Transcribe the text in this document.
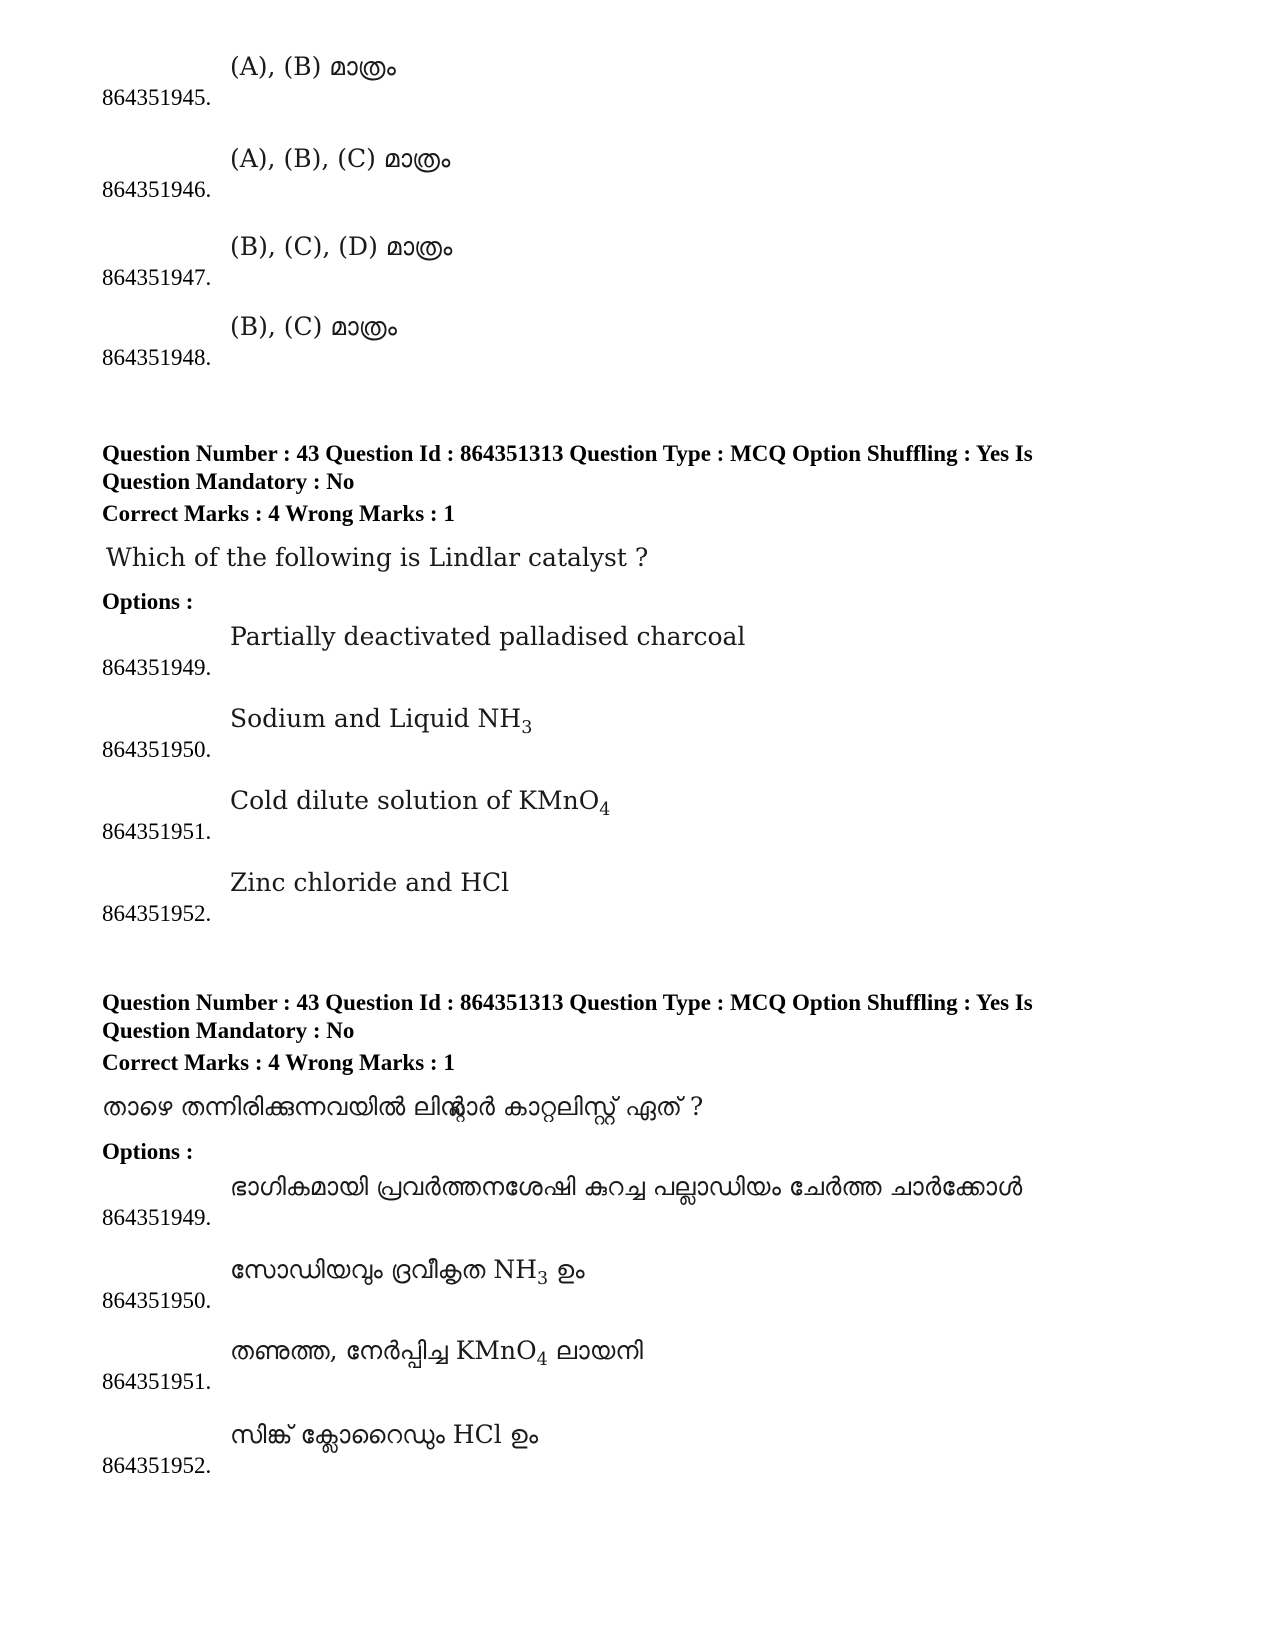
864351945.
(A), (B) മാത്രം
864351946.
(A), (B), (C) മാത്രം
864351947.
(B), (C), (D) മാത്രം
864351948.
(B), (C) മാത്രം
Question Number : 43 Question Id : 864351313 Question Type : MCQ Option Shuffling : Yes Is
Question Mandatory : No
Correct Marks : 4 Wrong Marks : 1
Which of the following is Lindlar catalyst ?
Options :
864351949.
Partially deactivated palladised charcoal
864351950.
Sodium and Liquid $NH_3$
864351951.
Cold dilute solution of KMnO$_4$
864351952.
Zinc chloride and HCl
Question Number : 43 Question Id : 864351313 Question Type : MCQ Option Shuffling : Yes Is
Question Mandatory : No
Correct Marks : 4 Wrong Marks : 1
താഴെ തന്നിരിക്കുന്നവയിൽ ലിന്റ്ലാർ കാറ്റലിസ്റ്റ് ഏത് ?
Options :
864351949.
ഭാഗികമായി പ്രവർത്തനശേഷി കുറച്ച പല്ലാഡിയം ചേർത്ത ചാർക്കോൾ
864351950.
സോഡിയവും ദ്രവീകൃത $NH_3$ ഉം
864351951.
തണുത്ത, നേർപ്പിച്ച KMnO$_4$ ലായനി
864351952.
സിങ്ക് ക്ലോറൈഡും HCl ഉം
